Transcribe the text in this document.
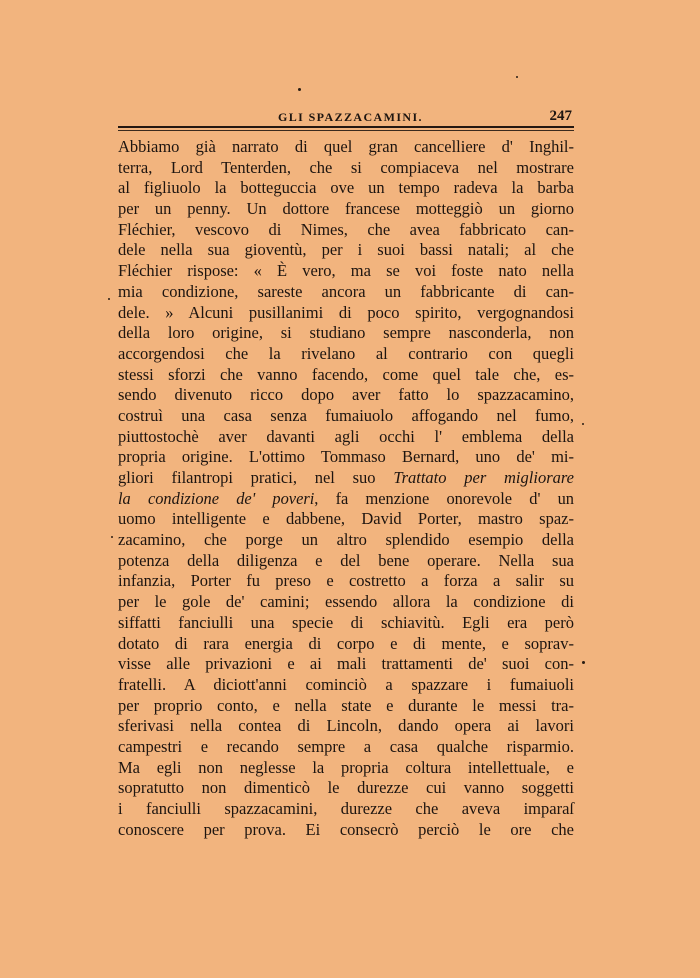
GLI SPAZZACAMINI.	247
Abbiamo già narrato di quel gran cancelliere d' Inghil-
terra, Lord Tenterden, che si compiaceva nel mostrare
al figliuolo la botteguccia ove un tempo radeva la barba
per un penny. Un dottore francese motteggiò un giorno
Fléchier, vescovo di Nimes, che avea fabbricato can-
dele nella sua gioventù, per i suoi bassi natali; al che
Fléchier rispose: « È vero, ma se voi foste nato nella
mia condizione, sareste ancora un fabbricante di can-
dele. » Alcuni pusillanimi di poco spirito, vergognandosi
della loro origine, si studiano sempre nasconderla, non
accorgendosi che la rivelano al contrario con quegli
stessi sforzi che vanno facendo, come quel tale che, es-
sendo divenuto ricco dopo aver fatto lo spazzacamino,
costruì una casa senza fumaiuolo affogando nel fumo,
piuttostochè aver davanti agli occhi l' emblema della
propria origine. L'ottimo Tommaso Bernard, uno de' mi-
gliori filantropi pratici, nel suo Trattato per migliorare
la condizione de' poveri, fa menzione onorevole d' un
uomo intelligente e dabbene, David Porter, mastro spaz-
zacamino, che porge un altro splendido esempio della
potenza della diligenza e del bene operare. Nella sua
infanzia, Porter fu preso e costretto a forza a salir su
per le gole de' camini; essendo allora la condizione di
siffatti fanciulli una specie di schiavitù. Egli era però
dotato di rara energia di corpo e di mente, e soprav-
visse alle privazioni e ai mali trattamenti de' suoi con-
fratelli. A diciott'anni cominciò a spazzare i fumaiuoli
per proprio conto, e nella state e durante le messi tra-
sferivasi nella contea di Lincoln, dando opera ai lavori
campestri e recando sempre a casa qualche risparmio.
Ma egli non neglesse la propria coltura intellettuale, e
sopratutto non dimenticò le durezze cui vanno soggetti
i fanciulli spazzacamini, durezze che aveva imparaſ
conoscere per prova. Ei consecrò perciò le ore che
